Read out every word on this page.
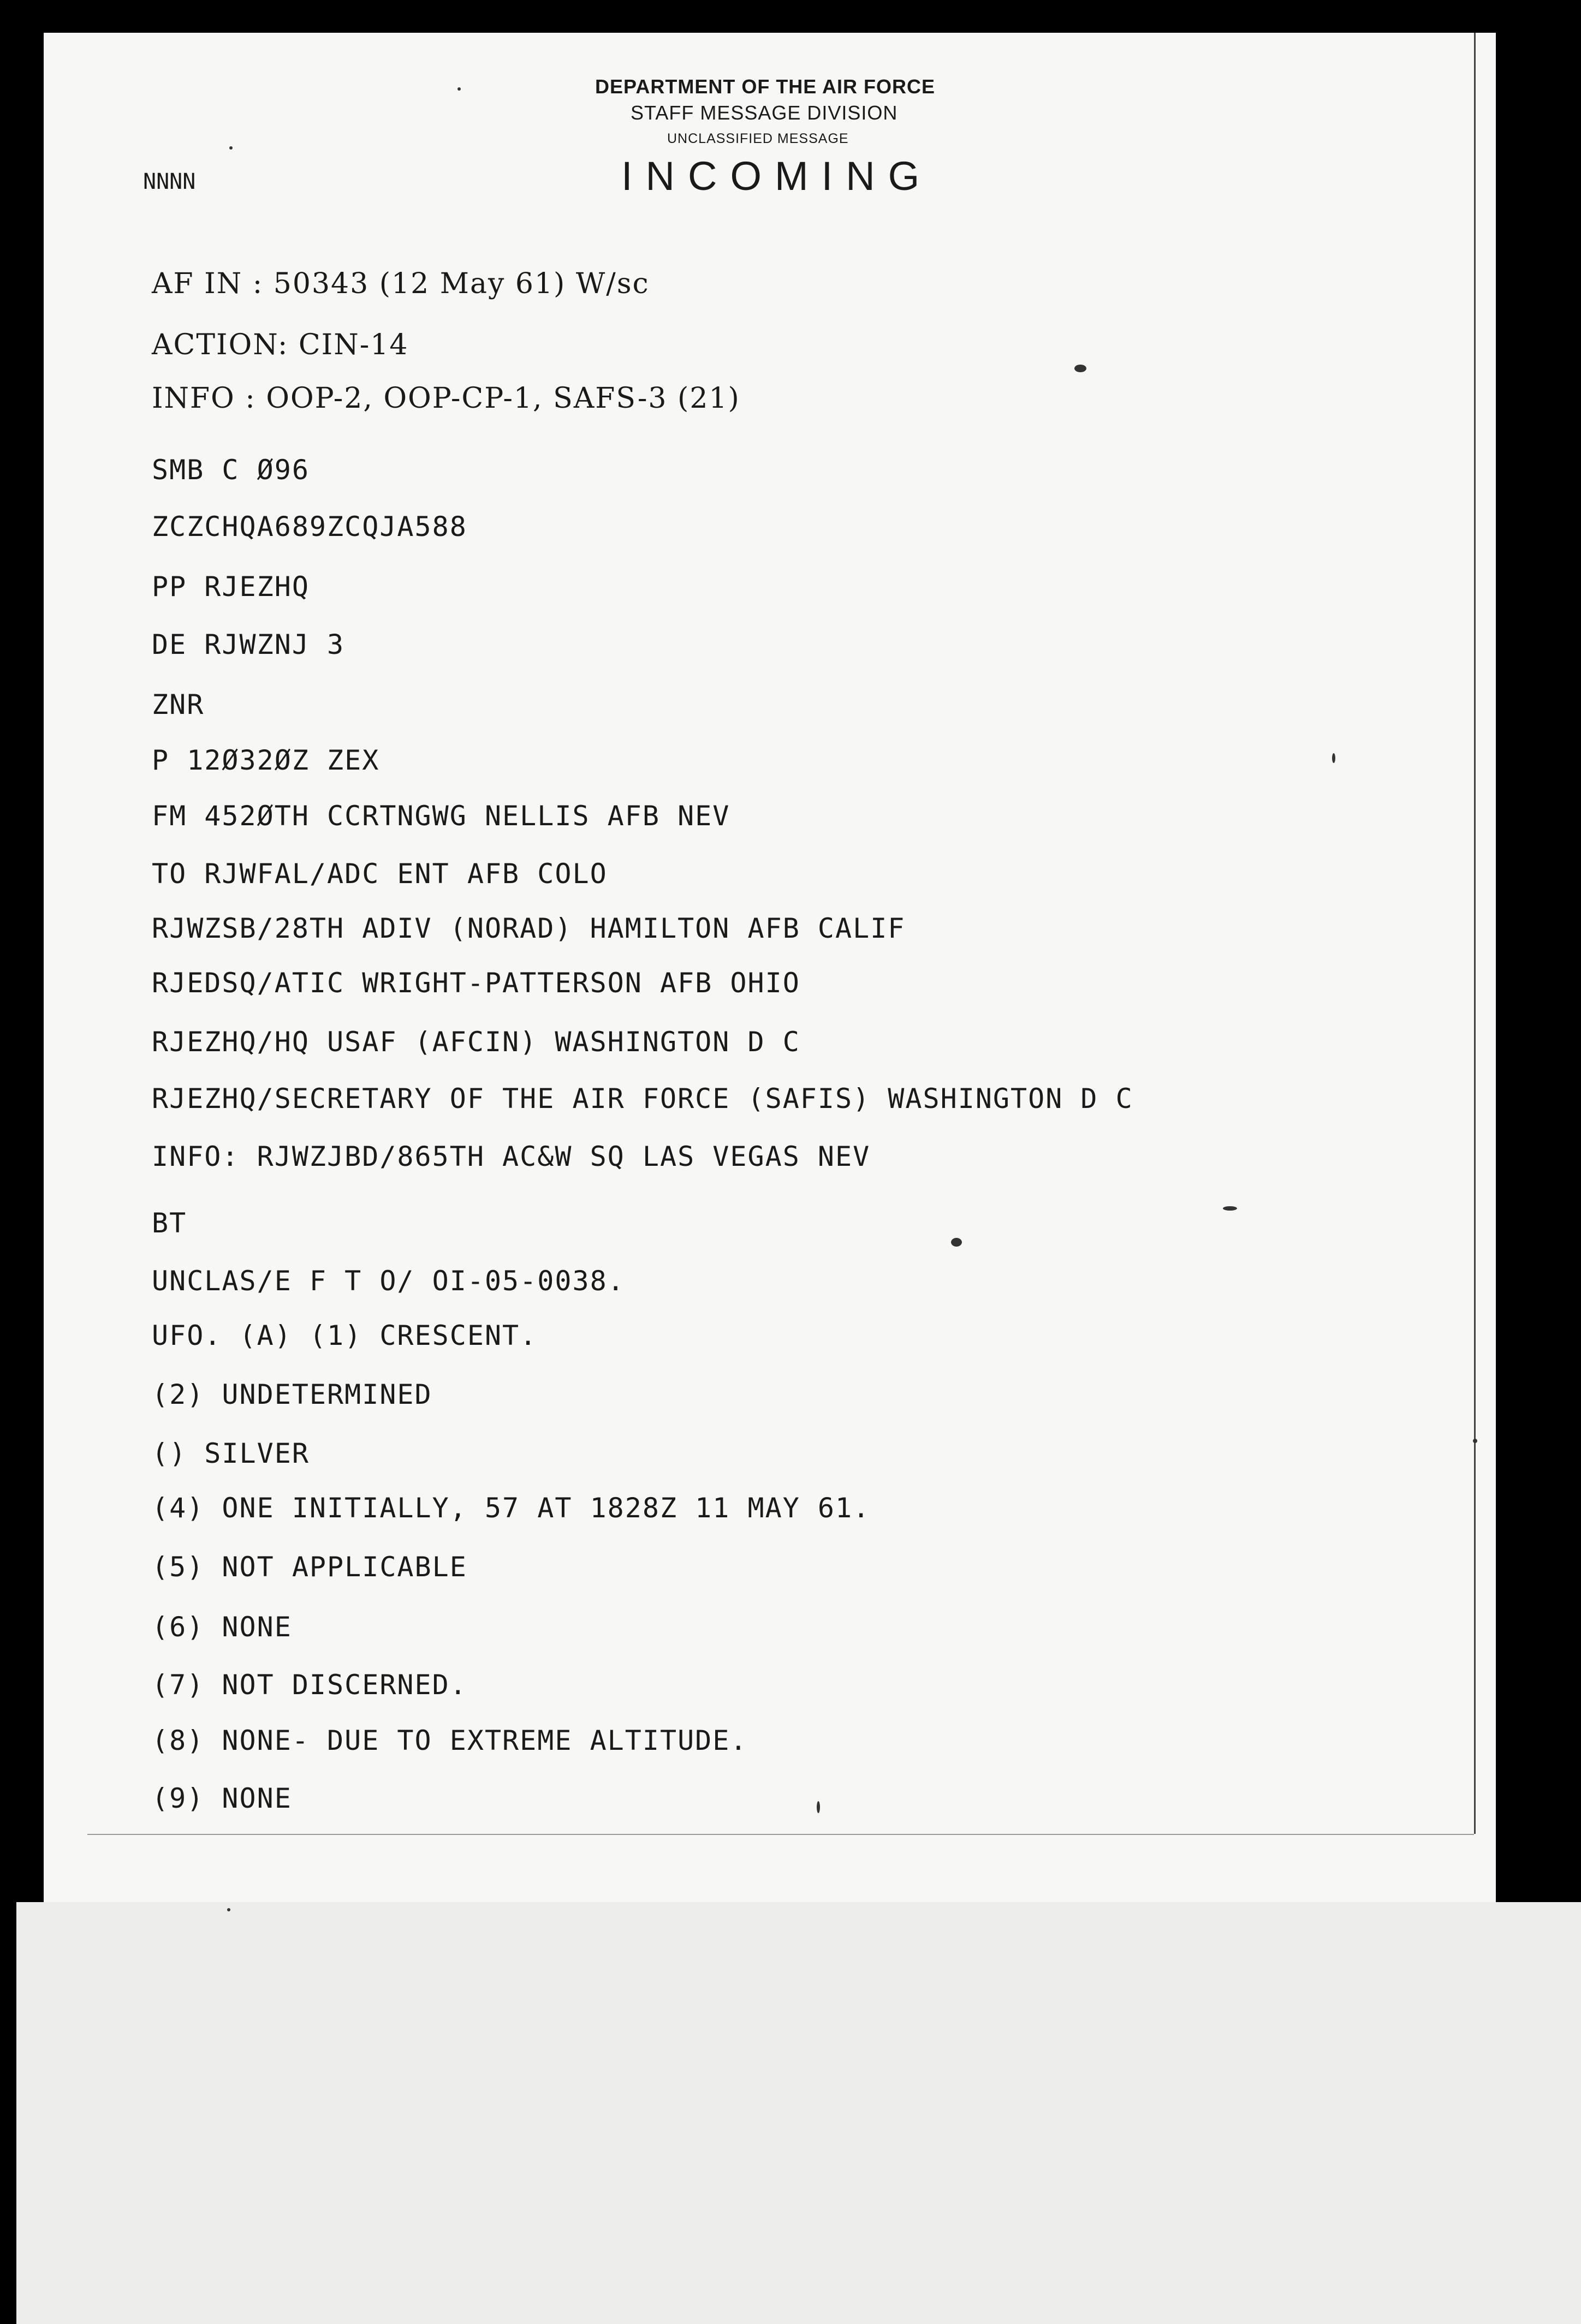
DEPARTMENT OF THE AIR FORCE

STAFF MESSAGE DIVISION

UNCLASSIFIED MESSAGE

INCOMING

NNNN

AF IN : 50343 (12 May 61) W/sc

ACTION: CIN-14

INFO : OOP-2, OOP-CP-1, SAFS-3 (21)

SMB C Ø96

ZCZCHQA689ZCQJA588

PP RJEZHQ

DE RJWZNJ 3

ZNR

P 12Ø32ØZ ZEX

FM 452ØTH CCRTNGWG NELLIS AFB NEV

TO RJWFAL/ADC ENT AFB COLO

RJWZSB/28TH ADIV (NORAD) HAMILTON AFB CALIF

RJEDSQ/ATIC WRIGHT-PATTERSON AFB OHIO

RJEZHQ/HQ USAF (AFCIN) WASHINGTON D C

RJEZHQ/SECRETARY OF THE AIR FORCE (SAFIS) WASHINGTON D C

INFO: RJWZJBD/865TH AC&W SQ LAS VEGAS NEV

BT

UNCLAS/E F T O/ OI-05-0038.

UFO. (A) (1) CRESCENT.

(2) UNDETERMINED

() SILVER

(4) ONE INITIALLY, 57 AT 1828Z 11 MAY 61.

(5) NOT APPLICABLE

(6) NONE

(7) NOT DISCERNED.

(8) NONE- DUE TO EXTREME ALTITUDE.

(9) NONE
